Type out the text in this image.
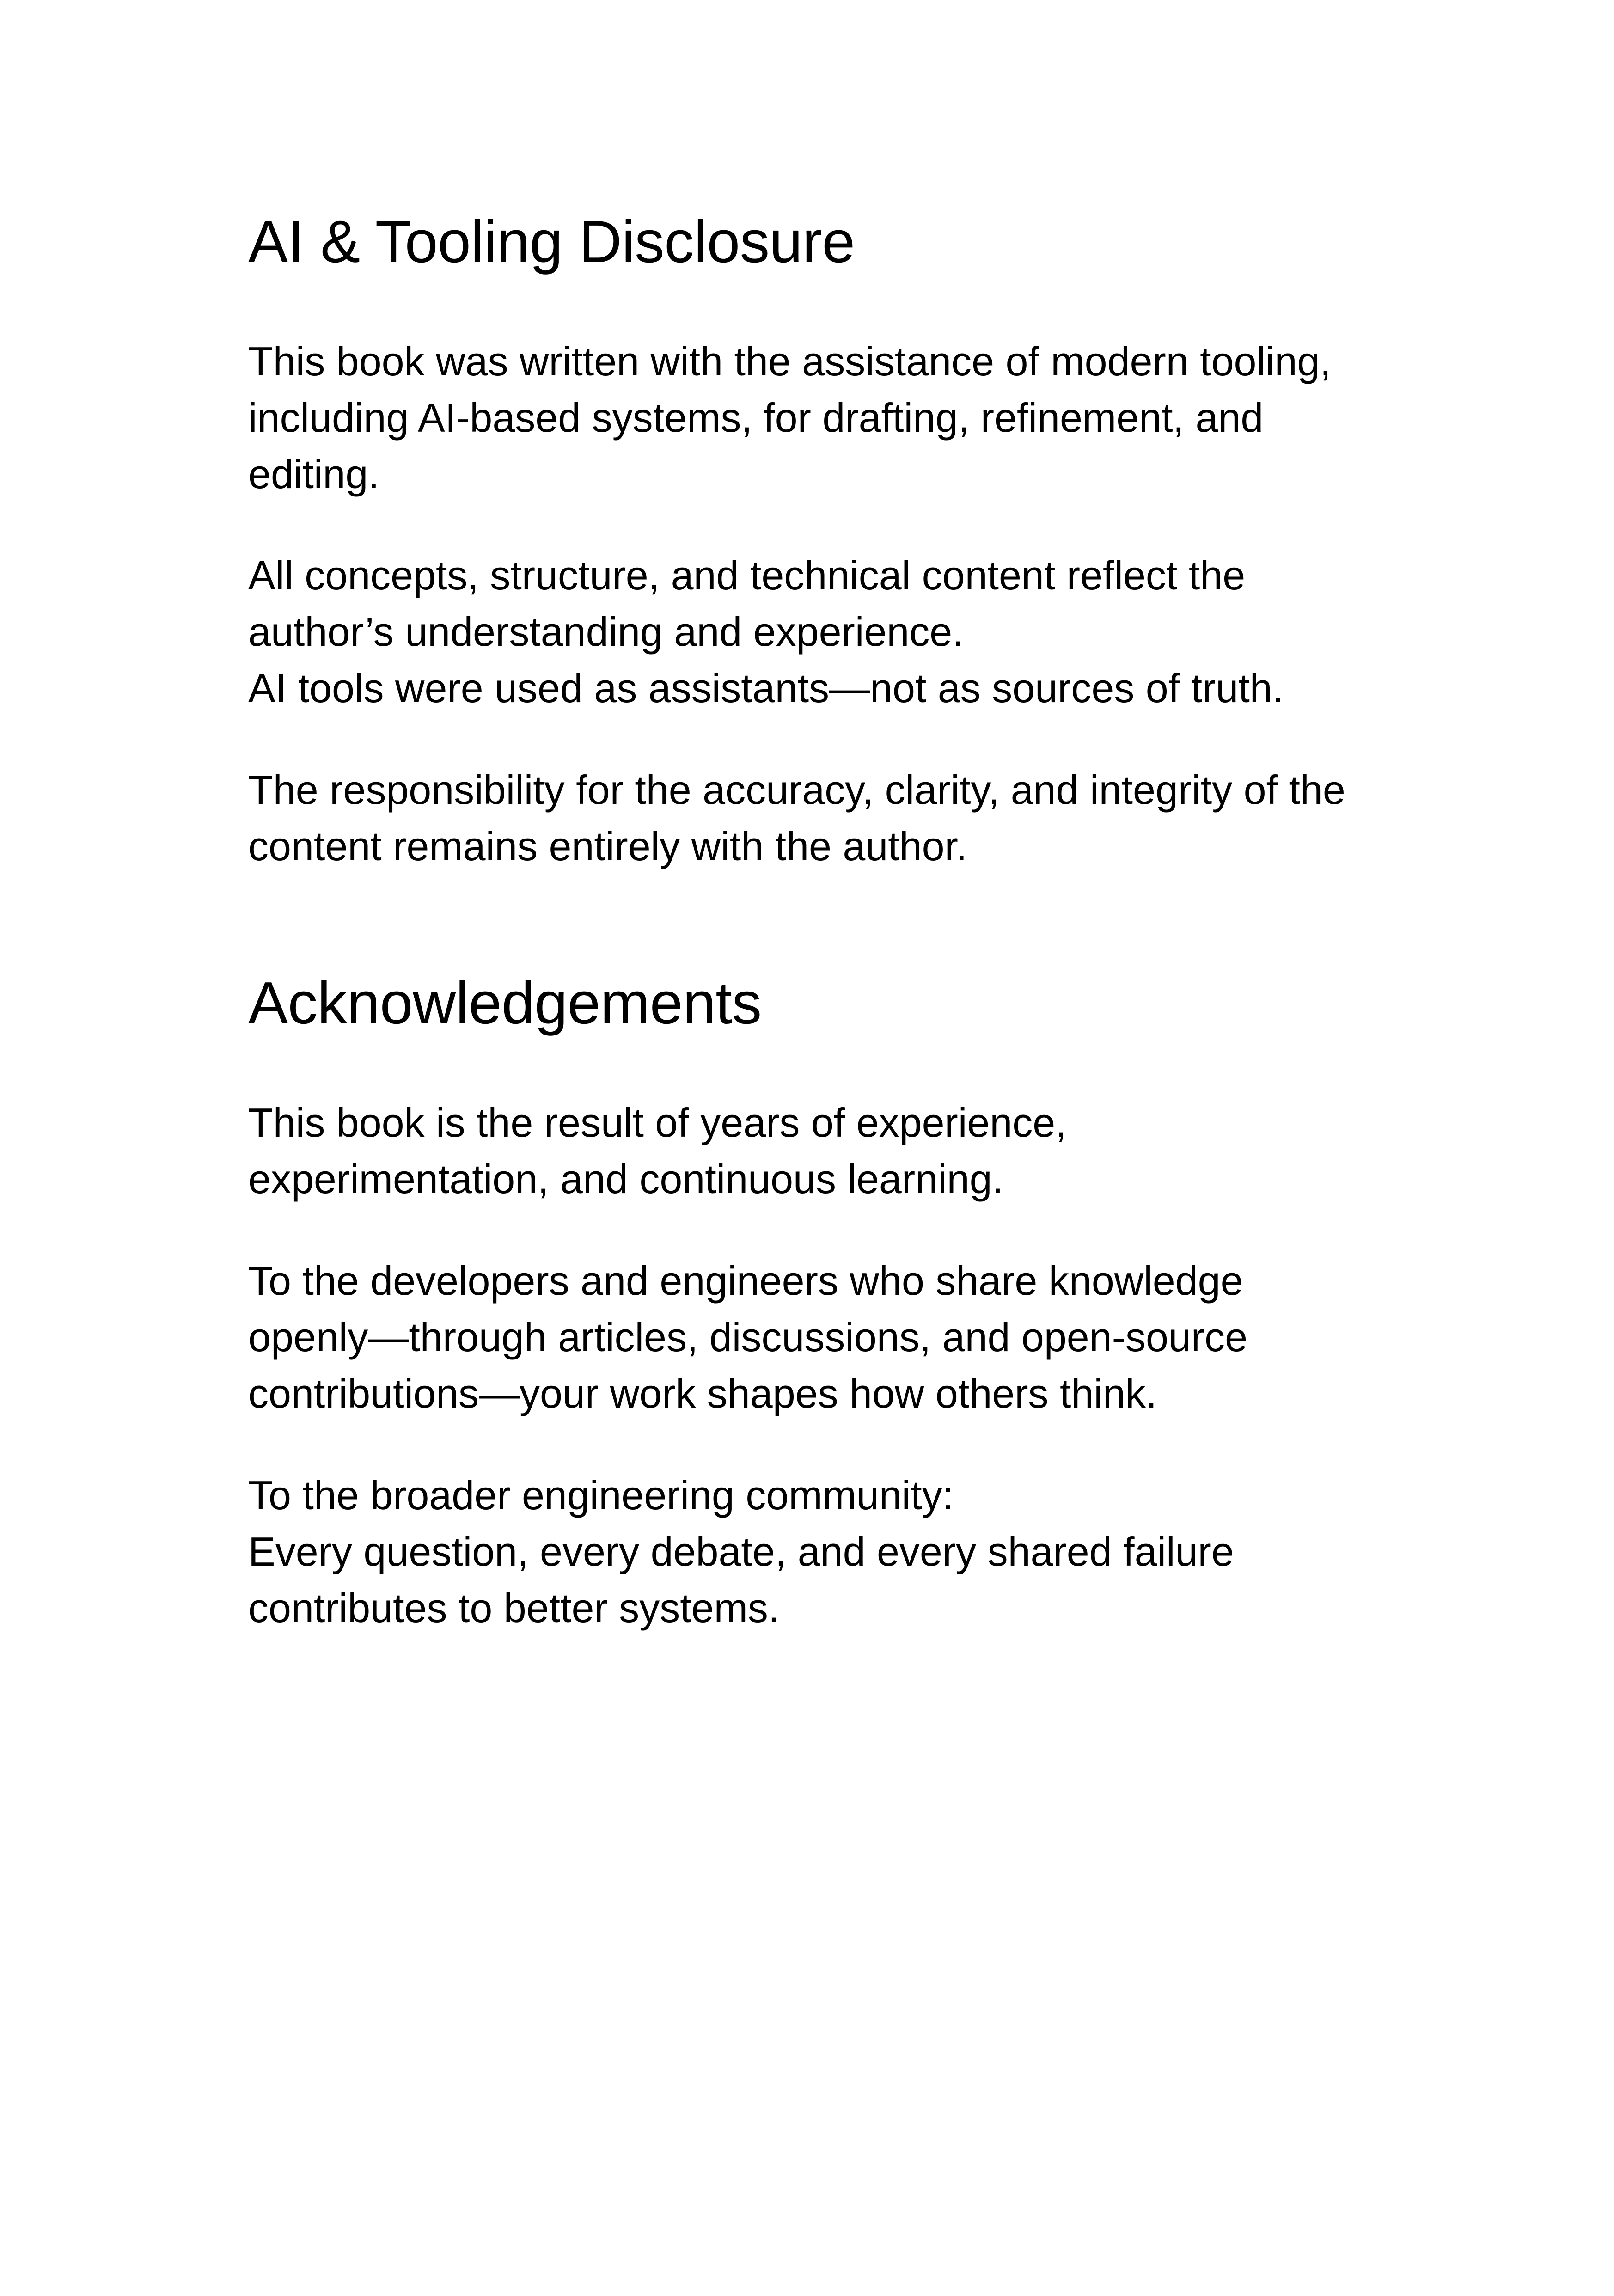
AI & Tooling Disclosure

This book was written with the assistance of modern tooling,
including AI-based systems, for drafting, refinement, and
editing.

All concepts, structure, and technical content reflect the
author’s understanding and experience.
AI tools were used as assistants—not as sources of truth.

The responsibility for the accuracy, clarity, and integrity of the
content remains entirely with the author.

Acknowledgements

This book is the result of years of experience,
experimentation, and continuous learning.

To the developers and engineers who share knowledge
openly—through articles, discussions, and open-source
contributions—your work shapes how others think.

To the broader engineering community:
Every question, every debate, and every shared failure
contributes to better systems.
